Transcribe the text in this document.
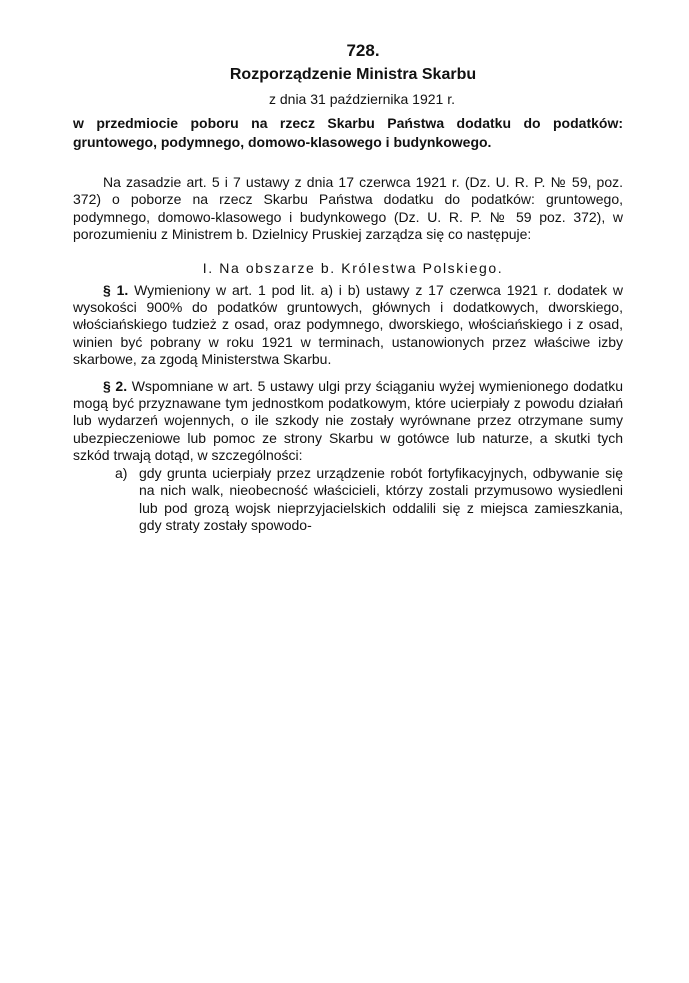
728.
Rozporządzenie Ministra Skarbu
z dnia 31 października 1921 r.
w przedmiocie poboru na rzecz Skarbu Państwa dodatku do podatków: gruntowego, podymnego, domowo-klasowego i budynkowego.

Na zasadzie art. 5 i 7 ustawy z dnia 17 czerwca 1921 r. (Dz. U. R. P. № 59, poz. 372) o poborze na rzecz Skarbu Państwa dodatku do podatków: gruntowego, podymnego, domowo-klasowego i budynkowego (Dz. U. R. P. № 59 poz. 372), w porozumieniu z Ministrem b. Dzielnicy Pruskiej zarządza się co następuje:

I. Na obszarze b. Królestwa Polskiego.

§ 1. Wymieniony w art. 1 pod lit. a) i b) ustawy z 17 czerwca 1921 r. dodatek w wysokości 900% do podatków gruntowych, głównych i dodatkowych, dworskiego, włościańskiego tudzież z osad, oraz podymnego, dworskiego, włościańskiego i z osad, winien być pobrany w roku 1921 w terminach, ustanowionych przez właściwe izby skarbowe, za zgodą Ministerstwa Skarbu.

§ 2. Wspomniane w art. 5 ustawy ulgi przy ściąganiu wyżej wymienionego dodatku mogą być przyznawane tym jednostkom podatkowym, które ucierpiały z powodu działań lub wydarzeń wojennych, o ile szkody nie zostały wyrównane przez otrzymane sumy ubezpieczeniowe lub pomoc ze strony Skarbu w gotówce lub naturze, a skutki tych szkód trwają dotąd, w szczególności:

a) gdy grunta ucierpiały przez urządzenie robót fortyfikacyjnych, odbywanie się na nich walk, nieobecność właścicieli, którzy zostali przymusowo wysiedleni lub pod grozą wojsk nieprzyjacielskich oddalili się z miejsca zamieszkania, gdy straty zostały spowodo-
